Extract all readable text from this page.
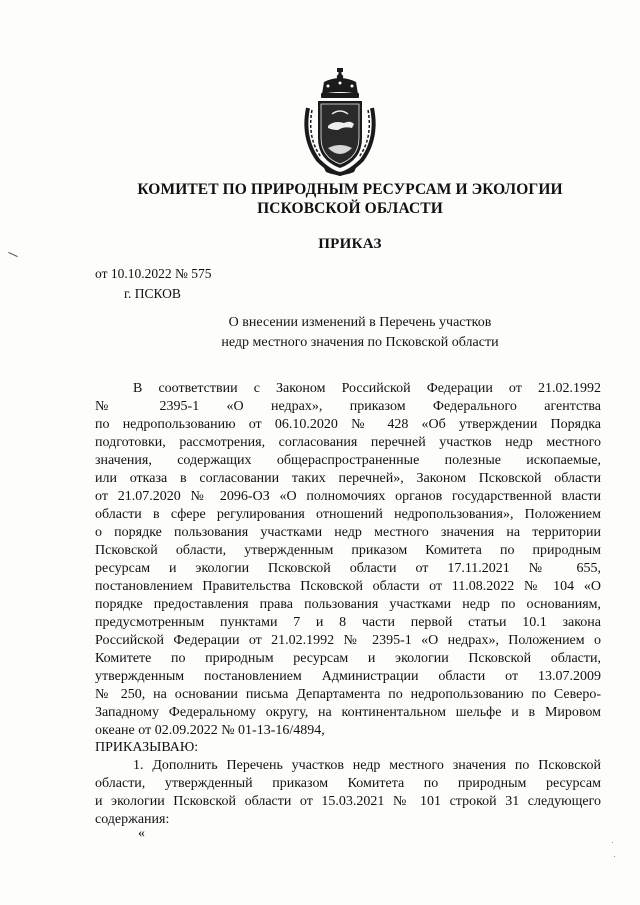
КОМИТЕТ ПО ПРИРОДНЫМ РЕСУРСАМ И ЭКОЛОГИИ
ПСКОВСКОЙ ОБЛАСТИ
ПРИКАЗ
от 10.10.2022 № 575
г. ПСКОВ
О внесении изменений в Перечень участков
недр местного значения по Псковской области
В соответствии с Законом Российской Федерации от 21.02.1992
№ 2395-1 «О недрах», приказом Федерального агентства
по недропользованию от 06.10.2020 № 428 «Об утверждении Порядка
подготовки, рассмотрения, согласования перечней участков недр местного
значения, содержащих общераспространенные полезные ископаемые,
или отказа в согласовании таких перечней», Законом Псковской области
от 21.07.2020 № 2096-ОЗ «О полномочиях органов государственной власти
области в сфере регулирования отношений недропользования», Положением
о порядке пользования участками недр местного значения на территории
Псковской области, утвержденным приказом Комитета по природным
ресурсам и экологии Псковской области от 17.11.2021 № 655,
постановлением Правительства Псковской области от 11.08.2022 № 104 «О
порядке предоставления права пользования участками недр по основаниям,
предусмотренным пунктами 7 и 8 части первой статьи 10.1 закона
Российской Федерации от 21.02.1992 № 2395-1 «О недрах», Положением о
Комитете по природным ресурсам и экологии Псковской области,
утвержденным постановлением Администрации области от 13.07.2009
№ 250, на основании письма Департамента по недропользованию по Северо-
Западному Федеральному округу, на континентальном шельфе и в Мировом
океане от 02.09.2022 № 01-13-16/4894,
ПРИКАЗЫВАЮ:
1. Дополнить Перечень участков недр местного значения по Псковской
области, утвержденный приказом Комитета по природным ресурсам
и экологии Псковской области от 15.03.2021 № 101 строкой 31 следующего
содержания:
«
